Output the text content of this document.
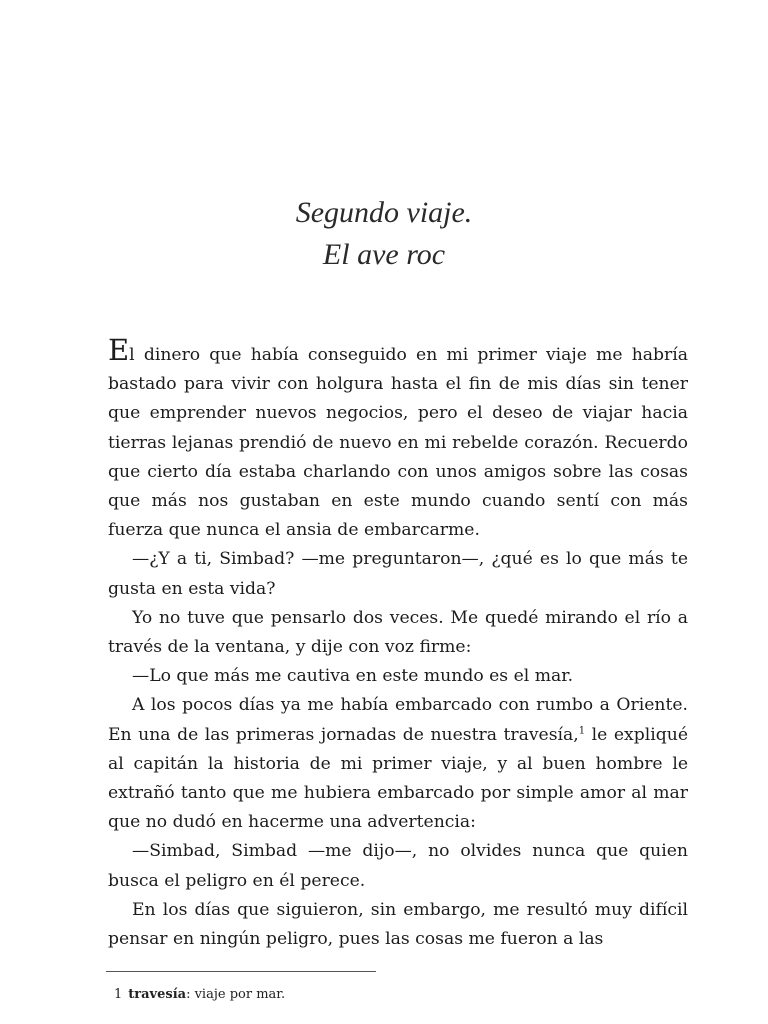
Segundo viaje.
El ave roc

El dinero que había conseguido en mi primer viaje me habría bastado para vivir con holgura hasta el fin de mis días sin tener que emprender nuevos negocios, pero el deseo de viajar hacia tierras lejanas prendió de nuevo en mi rebelde corazón. Recuerdo que cierto día estaba charlando con unos amigos sobre las cosas que más nos gustaban en este mundo cuando sentí con más fuerza que nunca el ansia de embarcarme.

—¿Y a ti, Simbad? —me preguntaron—, ¿qué es lo que más te gusta en esta vida?

Yo no tuve que pensarlo dos veces. Me quedé mirando el río a través de la ventana, y dije con voz firme:

—Lo que más me cautiva en este mundo es el mar.

A los pocos días ya me había embarcado con rumbo a Oriente. En una de las primeras jornadas de nuestra travesía,$^1$ le expliqué al capitán la historia de mi primer viaje, y al buen hombre le extrañó tanto que me hubiera embarcado por simple amor al mar que no dudó en hacerme una advertencia:

—Simbad, Simbad —me dijo—, no olvides nunca que quien busca el peligro en él perece.

En los días que siguieron, sin embargo, me resultó muy difícil pensar en ningún peligro, pues las cosas me fueron a las

1 travesía: viaje por mar.
